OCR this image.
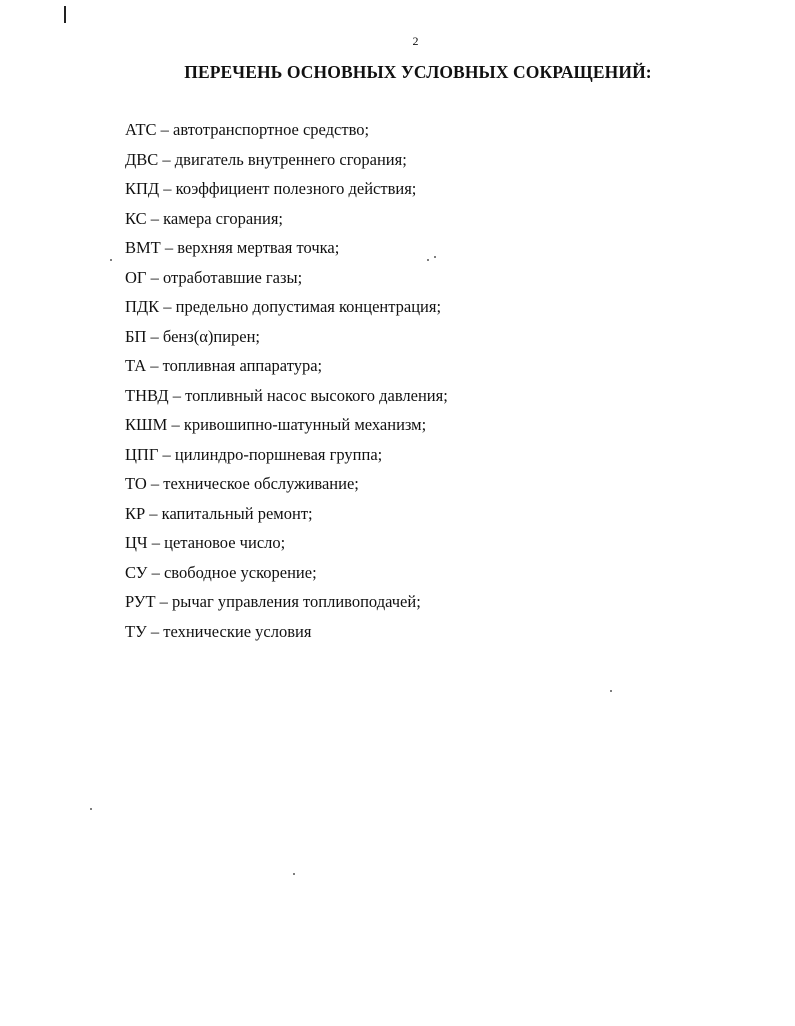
2
ПЕРЕЧЕНЬ ОСНОВНЫХ УСЛОВНЫХ СОКРАЩЕНИЙ:
АТС – автотранспортное средство;
ДВС – двигатель внутреннего сгорания;
КПД – коэффициент полезного действия;
КС – камера сгорания;
ВМТ – верхняя мертвая точка;
ОГ – отработавшие газы;
ПДК – предельно допустимая концентрация;
БП – бенз(α)пирен;
ТА – топливная аппаратура;
ТНВД – топливный насос высокого давления;
КШМ – кривошипно-шатунный механизм;
ЦПГ – цилиндро-поршневая группа;
ТО – техническое обслуживание;
КР – капитальный ремонт;
ЦЧ – цетановое число;
СУ – свободное ускорение;
РУТ – рычаг управления топливоподачей;
ТУ – технические условия
